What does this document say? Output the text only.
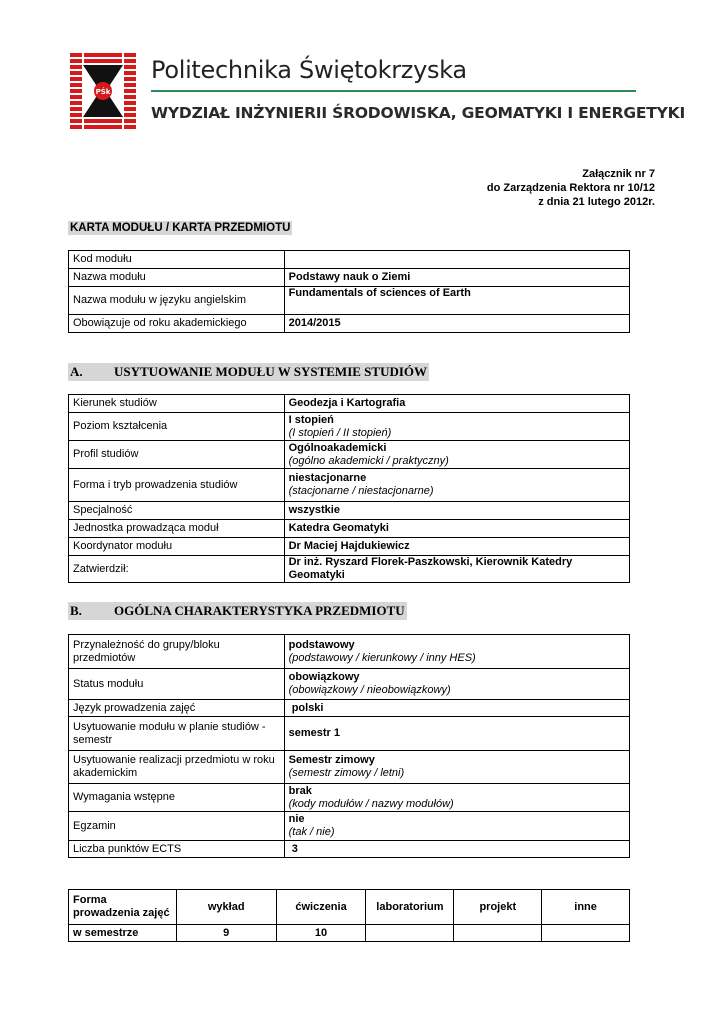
PŚk
Politechnika Świętokrzyska
WYDZIAŁ INŻYNIERII ŚRODOWISKA, GEOMATYKI I ENERGETYKI
Załącznik nr 7
do Zarządzenia Rektora nr 10/12
z dnia 21 lutego 2012r.
KARTA MODUŁU / KARTA PRZEDMIOTU
Kod modułu	
Nazwa modułu	Podstawy nauk o Ziemi
Nazwa modułu w języku angielskim	Fundamentals of sciences of Earth
Obowiązuje od roku akademickiego	2014/2015
A. USYTUOWANIE MODUŁU W SYSTEMIE STUDIÓW
Kierunek studiów	Geodezja i Kartografia
Poziom kształcenia	I stopień
(I stopień / II stopień)

Profil studiów	Ogólnoakademicki
(ogólno akademicki / praktyczny)

Forma i tryb prowadzenia studiów	niestacjonarne
(stacjonarne / niestacjonarne)

Specjalność	wszystkie
Jednostka prowadząca moduł	Katedra Geomatyki
Koordynator modułu	Dr Maciej Hajdukiewicz
Zatwierdził:	Dr inż. Ryszard Florek-Paszkowski, Kierownik Katedry Geomatyki
B. OGÓLNA CHARAKTERYSTYKA PRZEDMIOTU
Przynależność do grupy/bloku przedmiotów	podstawowy
(podstawowy / kierunkowy / inny HES)

Status modułu	obowiązkowy
(obowiązkowy / nieobowiązkowy)

Język prowadzenia zajęć	polski
Usytuowanie modułu w planie studiów - semestr	semestr 1
Usytuowanie realizacji przedmiotu w roku akademickim	Semestr zimowy
(semestr zimowy / letni)

Wymagania wstępne	brak
(kody modułów / nazwy modułów)

Egzamin	nie
(tak / nie)

Liczba punktów ECTS	3
Forma prowadzenia zajęć	wykład	ćwiczenia	laboratorium	projekt	inne
w semestrze	9	10			
